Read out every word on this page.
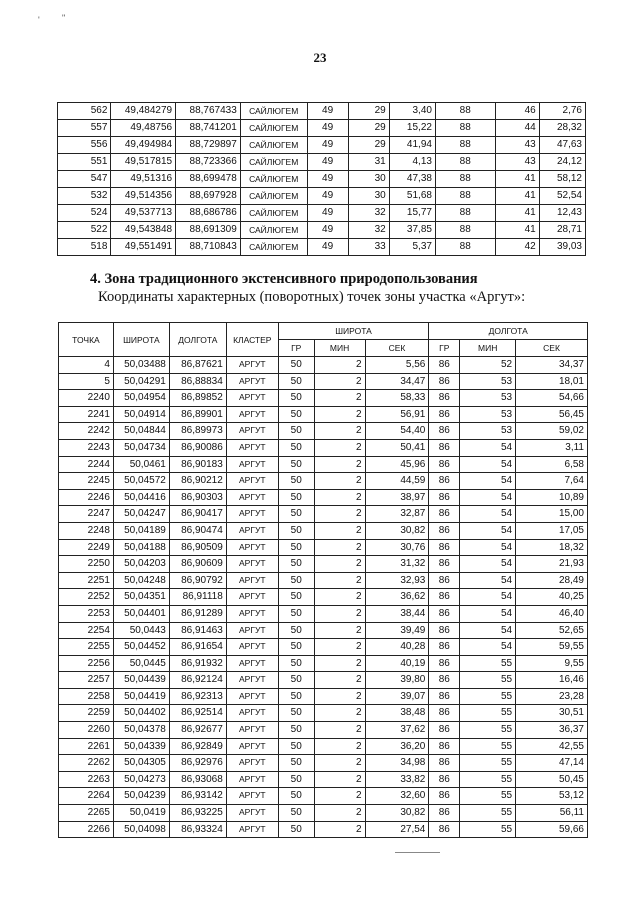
' "
23
562	49,484279	88,767433	САЙЛЮГЕМ	49	29	3,40	88	46	2,76
557	49,48756	88,741201	САЙЛЮГЕМ	49	29	15,22	88	44	28,32
556	49,494984	88,729897	САЙЛЮГЕМ	49	29	41,94	88	43	47,63
551	49,517815	88,723366	САЙЛЮГЕМ	49	31	4,13	88	43	24,12
547	49,51316	88,699478	САЙЛЮГЕМ	49	30	47,38	88	41	58,12
532	49,514356	88,697928	САЙЛЮГЕМ	49	30	51,68	88	41	52,54
524	49,537713	88,686786	САЙЛЮГЕМ	49	32	15,77	88	41	12,43
522	49,543848	88,691309	САЙЛЮГЕМ	49	32	37,85	88	41	28,71
518	49,551491	88,710843	САЙЛЮГЕМ	49	33	5,37	88	42	39,03
4. Зона традиционного экстенсивного природопользования
Координаты характерных (поворотных) точек зоны участка «Аргут»:
ТОЧКА	ШИРОТА	ДОЛГОТА	КЛАСТЕР	ШИРОТА			ДОЛГОТА		
				ГР	МИН	СЕК	ГР	МИН	СЕК
4	50,03488	86,87621	АРГУТ	50	2	5,56	86	52	34,37
5	50,04291	86,88834	АРГУТ	50	2	34,47	86	53	18,01
2240	50,04954	86,89852	АРГУТ	50	2	58,33	86	53	54,66
2241	50,04914	86,89901	АРГУТ	50	2	56,91	86	53	56,45
2242	50,04844	86,89973	АРГУТ	50	2	54,40	86	53	59,02
2243	50,04734	86,90086	АРГУТ	50	2	50,41	86	54	3,11
2244	50,0461	86,90183	АРГУТ	50	2	45,96	86	54	6,58
2245	50,04572	86,90212	АРГУТ	50	2	44,59	86	54	7,64
2246	50,04416	86,90303	АРГУТ	50	2	38,97	86	54	10,89
2247	50,04247	86,90417	АРГУТ	50	2	32,87	86	54	15,00
2248	50,04189	86,90474	АРГУТ	50	2	30,82	86	54	17,05
2249	50,04188	86,90509	АРГУТ	50	2	30,76	86	54	18,32
2250	50,04203	86,90609	АРГУТ	50	2	31,32	86	54	21,93
2251	50,04248	86,90792	АРГУТ	50	2	32,93	86	54	28,49
2252	50,04351	86,91118	АРГУТ	50	2	36,62	86	54	40,25
2253	50,04401	86,91289	АРГУТ	50	2	38,44	86	54	46,40
2254	50,0443	86,91463	АРГУТ	50	2	39,49	86	54	52,65
2255	50,04452	86,91654	АРГУТ	50	2	40,28	86	54	59,55
2256	50,0445	86,91932	АРГУТ	50	2	40,19	86	55	9,55
2257	50,04439	86,92124	АРГУТ	50	2	39,80	86	55	16,46
2258	50,04419	86,92313	АРГУТ	50	2	39,07	86	55	23,28
2259	50,04402	86,92514	АРГУТ	50	2	38,48	86	55	30,51
2260	50,04378	86,92677	АРГУТ	50	2	37,62	86	55	36,37
2261	50,04339	86,92849	АРГУТ	50	2	36,20	86	55	42,55
2262	50,04305	86,92976	АРГУТ	50	2	34,98	86	55	47,14
2263	50,04273	86,93068	АРГУТ	50	2	33,82	86	55	50,45
2264	50,04239	86,93142	АРГУТ	50	2	32,60	86	55	53,12
2265	50,0419	86,93225	АРГУТ	50	2	30,82	86	55	56,11
2266	50,04098	86,93324	АРГУТ	50	2	27,54	86	55	59,66
